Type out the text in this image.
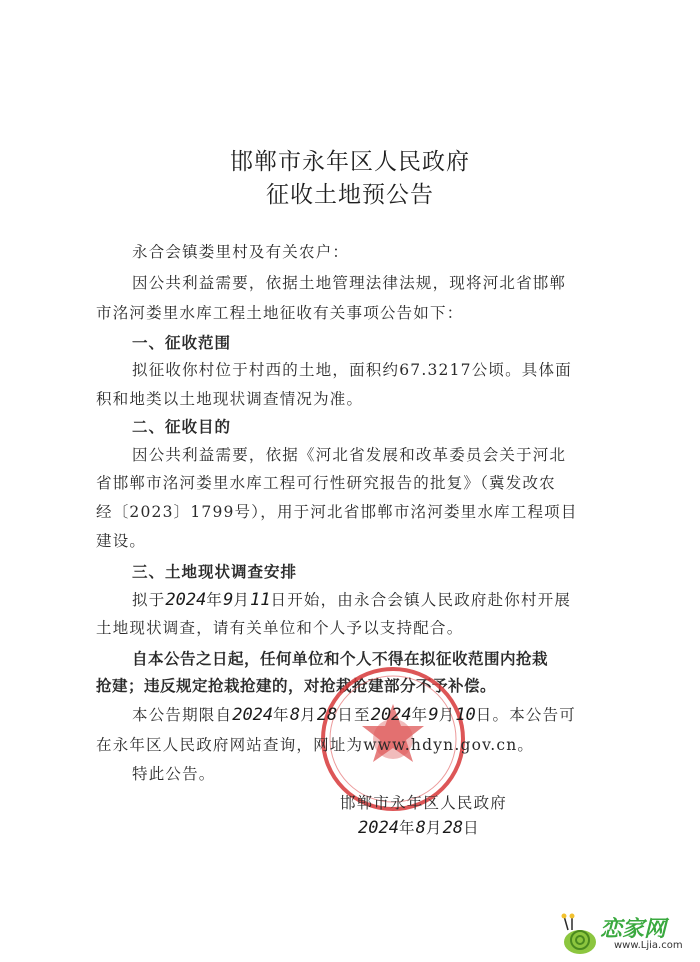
邯郸市永年区人民政府
征收土地预公告
永合会镇娄里村及有关农户：
因公共利益需要，依据土地管理法律法规，现将河北省邯郸
市洺河娄里水库工程土地征收有关事项公告如下：
一、征收范围
拟征收你村位于村西的土地，面积约67.3217公顷。具体面
积和地类以土地现状调查情况为准。
二、征收目的
因公共利益需要，依据《河北省发展和改革委员会关于河北
省邯郸市洺河娄里水库工程可行性研究报告的批复》（冀发改农
经〔2023〕1799号），用于河北省邯郸市洺河娄里水库工程项目
建设。
三、土地现状调查安排
拟于2024年9月11日开始，由永合会镇人民政府赴你村开展
土地现状调查，请有关单位和个人予以支持配合。
自本公告之日起，任何单位和个人不得在拟征收范围内抢栽
抢建；违反规定抢栽抢建的，对抢栽抢建部分不予补偿。
本公告期限自2024年8月28日至2024年9月10日。本公告可
在永年区人民政府网站查询，网址为www.hdyn.gov.cn。
特此公告。
邯郸市永年区人民政府
2024年8月28日
恋家网
www.Ljia.com
